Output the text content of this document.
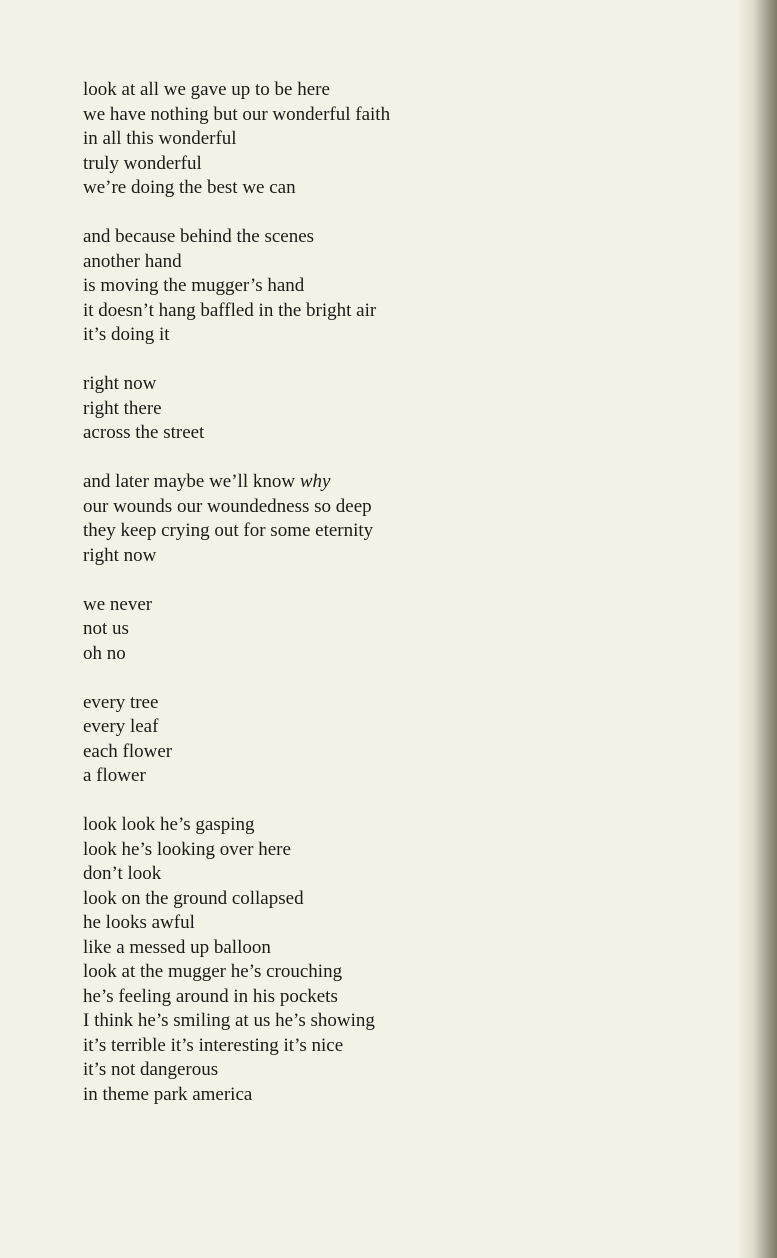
look at all we gave up to be here
we have nothing but our wonderful faith
in all this wonderful
truly wonderful
we’re doing the best we can
and because behind the scenes
another hand
is moving the mugger’s hand
it doesn’t hang baffled in the bright air
it’s doing it
right now
right there
across the street
and later maybe we’ll know why
our wounds our woundedness so deep
they keep crying out for some eternity
right now
we never
not us
oh no
every tree
every leaf
each flower
a flower
look look he’s gasping
look he’s looking over here
don’t look
look on the ground collapsed
he looks awful
like a messed up balloon
look at the mugger he’s crouching
he’s feeling around in his pockets
I think he’s smiling at us he’s showing
it’s terrible it’s interesting it’s nice
it’s not dangerous
in theme park america
